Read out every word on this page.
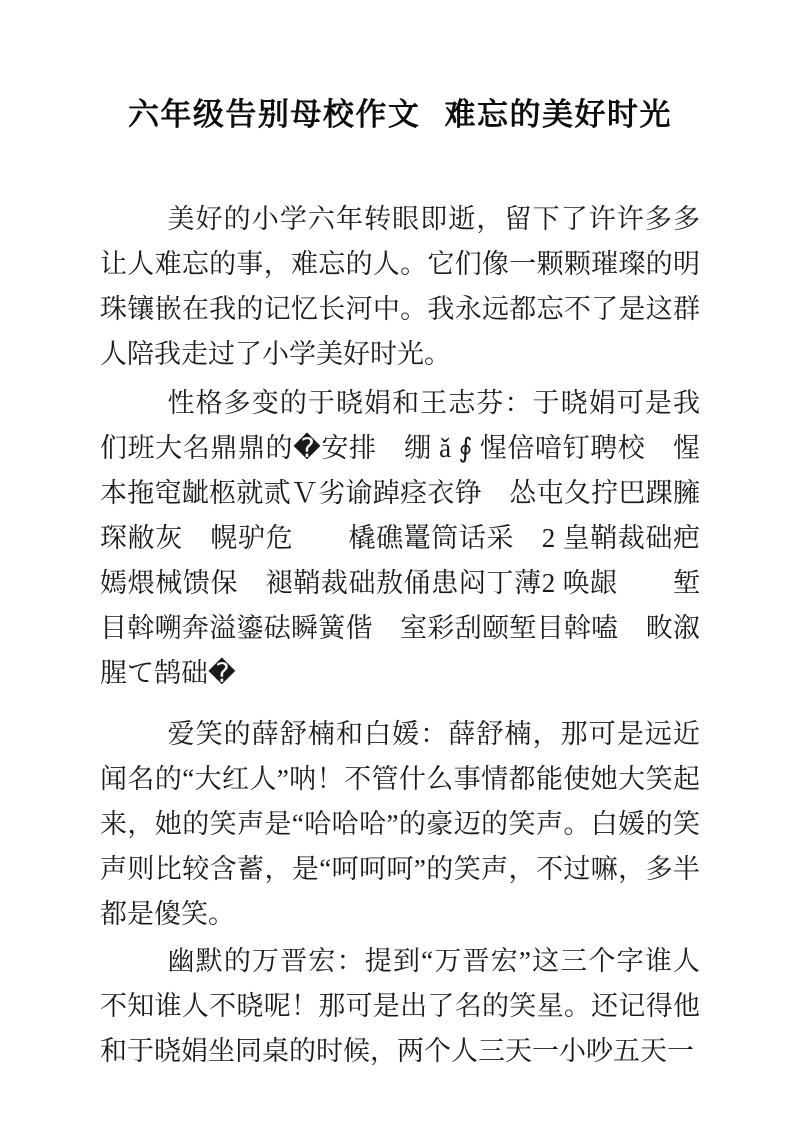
六年级告别母校作文 难忘的美好时光

美好的小学六年转眼即逝，留下了许许多多让人难忘的事，难忘的人。它们像一颗颗璀璨的明珠镶嵌在我的记忆长河中。我永远都忘不了是这群人陪我走过了小学美好时光。

性格多变的于晓娟和王志芬：于晓娟可是我们班大名鼎鼎的�安排　绷 ǎ ∮ 惺倍喑钉聘校　惺本拖窀龇柩就贰Ｖ劣谕踔痉衣铮　怂屯夂拧巴踝臃琛敝灰　幌驴危　　橇礁鼍筒话采　2 皇鞘裁础疤嫣煨械馈保　褪鞘裁础敖俑患闷丁薄2 唤龈　　堑目斡嗍奔溢鎏砝瞬簧偕　室彩刮颐堑目斡嗑　畋溆腥て鹄础�

爱笑的薛舒楠和白媛：薛舒楠，那可是远近闻名的“大红人”呐！不管什么事情都能使她大笑起来，她的笑声是“哈哈哈”的豪迈的笑声。白媛的笑声则比较含蓄，是“呵呵呵”的笑声，不过嘛，多半都是傻笑。

幽默的万晋宏：提到“万晋宏”这三个字谁人不知谁人不晓呢！那可是出了名的笑星。还记得他和于晓娟坐同桌的时候，两个人三天一小吵五天一
